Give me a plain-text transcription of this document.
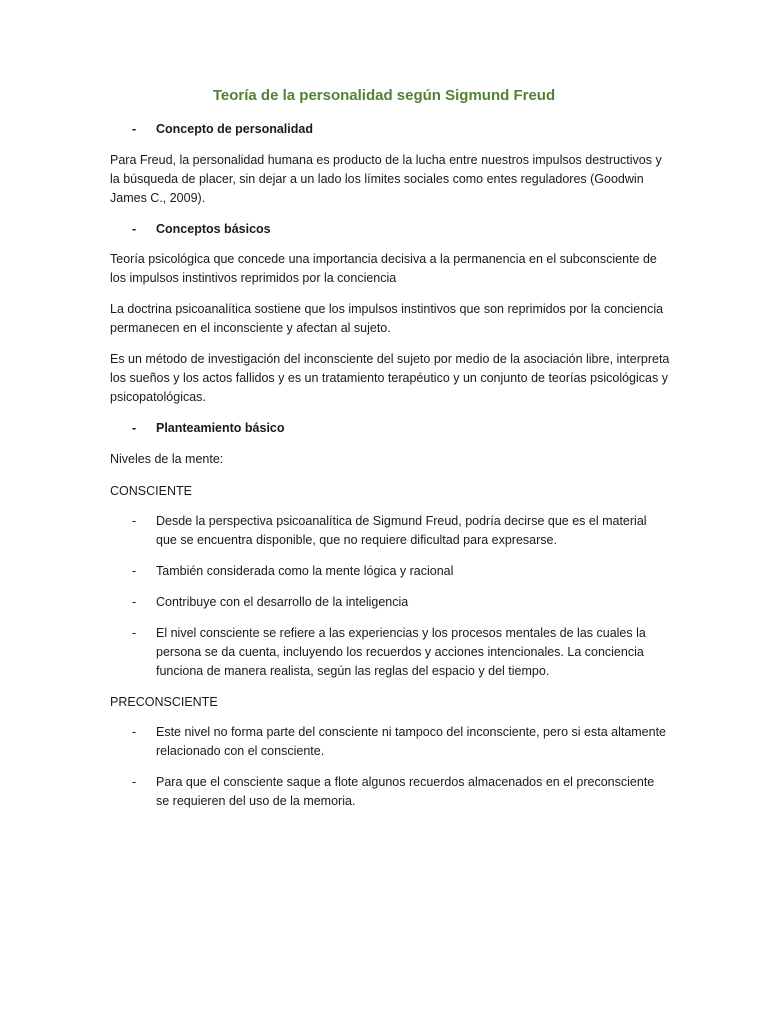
Teoría de la personalidad según Sigmund Freud
- Concepto de personalidad

Para Freud, la personalidad humana es producto de la lucha entre nuestros impulsos destructivos y la búsqueda de placer, sin dejar a un lado los límites sociales como entes reguladores (Goodwin James C., 2009).

- Conceptos básicos

Teoría psicológica que concede una importancia decisiva a la permanencia en el subconsciente de los impulsos instintivos reprimidos por la conciencia

La doctrina psicoanalítica sostiene que los impulsos instintivos que son reprimidos por la conciencia permanecen en el inconsciente y afectan al sujeto.

Es un método de investigación del inconsciente del sujeto por medio de la asociación libre, interpreta los sueños y los actos fallidos y es un tratamiento terapéutico y un conjunto de teorías psicológicas y psicopatológicas.

- Planteamiento básico

Niveles de la mente:

CONSCIENTE

- Desde la perspectiva psicoanalítica de Sigmund Freud, podría decirse que es el material que se encuentra disponible, que no requiere dificultad para expresarse.
- También considerada como la mente lógica y racional
- Contribuye con el desarrollo de la inteligencia
- El nivel consciente se refiere a las experiencias y los procesos mentales de las cuales la persona se da cuenta, incluyendo los recuerdos y acciones intencionales. La conciencia funciona de manera realista, según las reglas del espacio y del tiempo.

PRECONSCIENTE

- Este nivel no forma parte del consciente ni tampoco del inconsciente, pero si esta altamente relacionado con el consciente.
- Para que el consciente saque a flote algunos recuerdos almacenados en el preconsciente se requieren del uso de la memoria.
